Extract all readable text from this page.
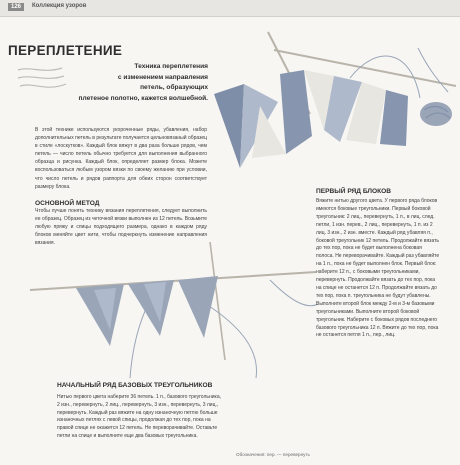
126	Коллекция узоров
ПЕРЕПЛЕТЕНИЕ
Техника переплетения
с изменением направления
петель, образующих
плетеное полотно, кажется волшебной.
В этой технике используются укороченные ряды, убавления, набор дополнительных петель в результате получается цельновязаный образец в стиле «лоскутков». Каждый блок вяжут в два раза больше рядов, чем петель — число петель обычно требуется для выполнения выбранного образца и рисунка. Каждый блок, определяет размер блока. Можете воспользоваться любым узором вязки по своему желанию при условии, что число петель и рядов раппорта для обеих сторон соответствует размеру блока.
ОСНОВНОЙ МЕТОД
Чтобы лучше понять технику вязания переплетения, следует выполнить ее образец. Образец из четочной вязки выполнен из 12 петель. Возьмите любую пряжу и спицы подходящего размера, однако в каждом ряду блоков меняйте цвет нити, чтобы подчеркнуть изменение направления вязания.
НАЧАЛЬНЫЙ РЯД БАЗОВЫХ ТРЕУГОЛЬНИКОВ
Нитью первого цвета наберите 36 петель. 1 п., базового треугольника, 2 изн., перевернуть, 2 лиц., перевернуть, 3 изн., перевернуть, 3 лиц., перевернуть. Каждый раз вяжите на одну изнаночную петлю больше изнаночных петлях с левой спицы, продолжая до тех пор, пока на правой спице не окажется 12 петель. Не переворачивайте. Оставьте петли на спице и выполните еще два базовых треугольника.
ПЕРВЫЙ РЯД БЛОКОВ
Вяжите нитью другого цвета. У первого ряда блоков имеются боковые треугольники. Первый боковой треугольник: 2 лиц., перевернуть, 1 п., в лиц. след. петли, 1 изн. перев., 2 лиц., перевернуть, 1 п. из 2 лиц. 3 изн., 2 изн. вместе. Каждый ряд убавляя п., боковой треугольник 12 петель. Продолжайте вязать до тех пор, пока не будет выполнена боковая полоса. Не переворачивайте. Каждый раз убавляйте на 1 п., пока не будет выполнен блок. Первый блок: наберите 12 п., с боковыми треугольниками, перевернуть. Продолжайте вязать до тех пор, пока на спице не останется 12 п. Продолжайте вязать до тех пор, пока п. треугольника не будут убавлены. Выполните второй блок между 2-м и 3-м базовыми треугольниками. Выполните второй боковой треугольник. Наберите с боковых рядов последнего базового треугольника 12 п. Вяжите до тех пор, пока не останется петля 1 п., пер., лиц.
Обозначения: пер. — перевернуть
